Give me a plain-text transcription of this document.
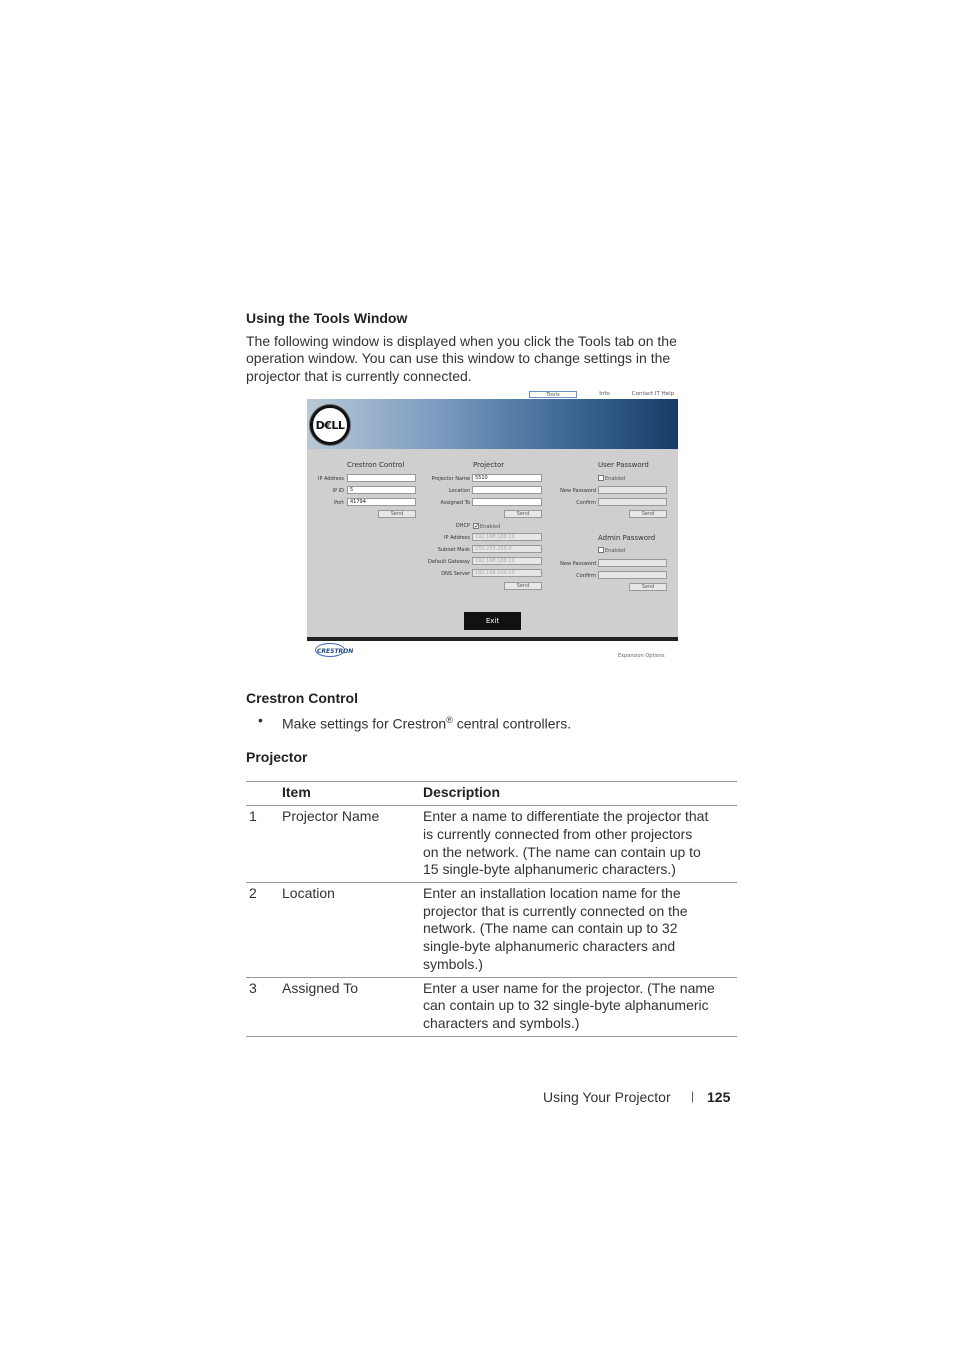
Using the Tools Window
The following window is displayed when you click the Tools tab on the
operation window. You can use this window to change settings in the
projector that is currently connected.
Tools	Info	Contact IT Help
D€LL
Crestron Control
IP Address
IP ID	5
Port	41794
Send
Projector
Projector Name	5510
Location
Assigned To
Send
DHCP ✓ Enabled
IP Address	192.168.100.10
Subnet Mask	255.255.255.0
Default Gateway	192.168.100.10
DNS Server	192.168.100.10
Send
User Password
Enabled
New Password
Confirm
Send
Admin Password
Enabled
New Password
Confirm
Send
Exit
CRESTRON
Expansion Options
Crestron Control
• Make settings for Crestron® central controllers.
Projector
Item	Description
1 Projector Name	Enter a name to differentiate the projector that
is currently connected from other projectors
on the network. (The name can contain up to
15 single-byte alphanumeric characters.)
2 Location	Enter an installation location name for the
projector that is currently connected on the
network. (The name can contain up to 32
single-byte alphanumeric characters and
symbols.)
3 Assigned To	Enter a user name for the projector. (The name
can contain up to 32 single-byte alphanumeric
characters and symbols.)
Using Your Projector | 125
